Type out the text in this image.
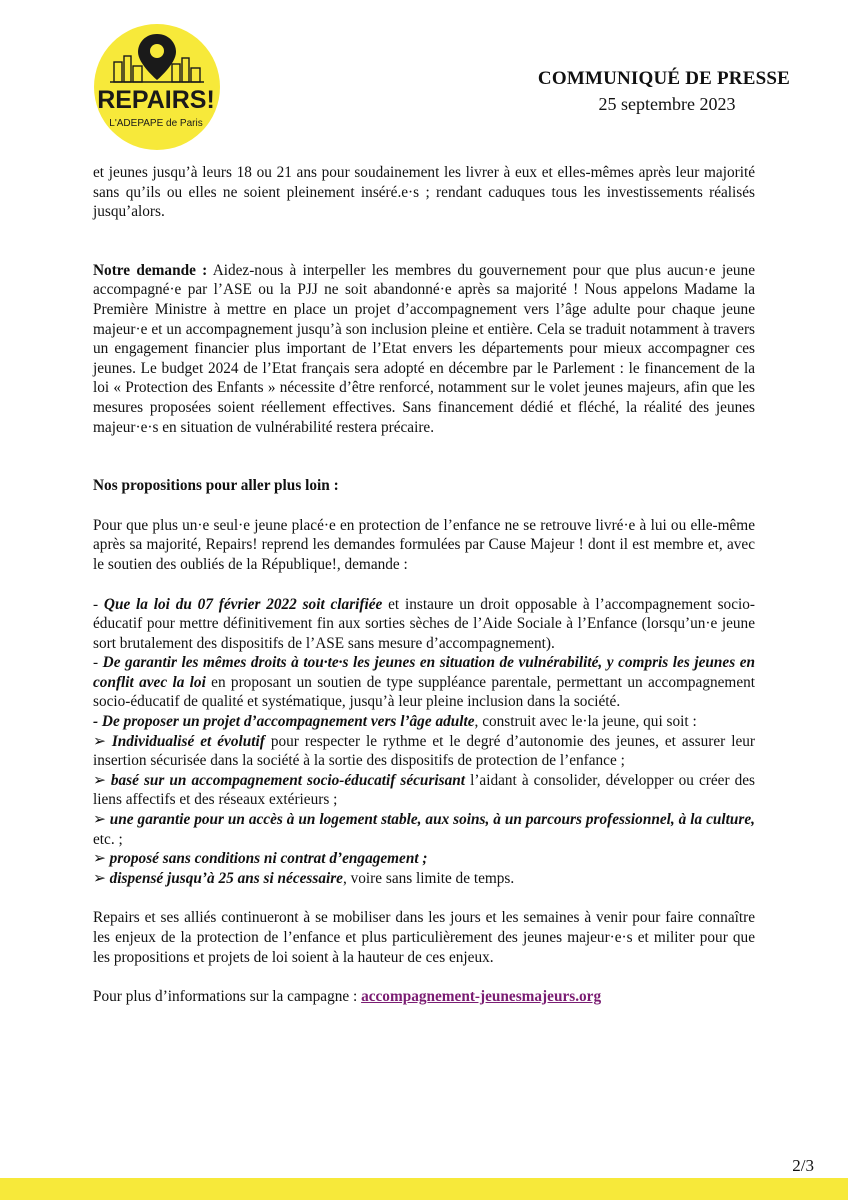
REPAIRS!
L'ADEPAPE de Paris
COMMUNIQUÉ DE PRESSE
25 septembre 2023

et jeunes jusqu’à leurs 18 ou 21 ans pour soudainement les livrer à eux et elles-mêmes après leur majorité sans qu’ils ou elles ne soient pleinement inséré.e·s ; rendant caduques tous les investissements réalisés jusqu’alors.

Notre demande : Aidez-nous à interpeller les membres du gouvernement pour que plus aucun·e jeune accompagné·e par l’ASE ou la PJJ ne soit abandonné·e après sa majorité ! Nous appelons Madame la Première Ministre à mettre en place un projet d’accompagnement vers l’âge adulte pour chaque jeune majeur·e et un accompagnement jusqu’à son inclusion pleine et entière. Cela se traduit notamment à travers un engagement financier plus important de l’Etat envers les départements pour mieux accompagner ces jeunes. Le budget 2024 de l’Etat français sera adopté en décembre par le Parlement : le financement de la loi « Protection des Enfants » nécessite d’être renforcé, notamment sur le volet jeunes majeurs, afin que les mesures proposées soient réellement effectives. Sans financement dédié et fléché, la réalité des jeunes majeur·e·s en situation de vulnérabilité restera précaire.

Nos propositions pour aller plus loin :

Pour que plus un·e seul·e jeune placé·e en protection de l’enfance ne se retrouve livré·e à lui ou elle-même après sa majorité, Repairs! reprend les demandes formulées par Cause Majeur ! dont il est membre et, avec le soutien des oubliés de la République!, demande :

- Que la loi du 07 février 2022 soit clarifiée et instaure un droit opposable à l’accompagnement socio-éducatif pour mettre définitivement fin aux sorties sèches de l’Aide Sociale à l’Enfance (lorsqu’un·e jeune sort brutalement des dispositifs de l’ASE sans mesure d’accompagnement).

- De garantir les mêmes droits à tou·te·s les jeunes en situation de vulnérabilité, y compris les jeunes en conflit avec la loi en proposant un soutien de type suppléance parentale, permettant un accompagnement socio-éducatif de qualité et systématique, jusqu’à leur pleine inclusion dans la société.

- De proposer un projet d’accompagnement vers l’âge adulte, construit avec le·la jeune, qui soit :

➢ Individualisé et évolutif pour respecter le rythme et le degré d’autonomie des jeunes, et assurer leur insertion sécurisée dans la société à la sortie des dispositifs de protection de l’enfance ;

➢ basé sur un accompagnement socio-éducatif sécurisant l’aidant à consolider, développer ou créer des liens affectifs et des réseaux extérieurs ;

➢ une garantie pour un accès à un logement stable, aux soins, à un parcours professionnel, à la culture, etc. ;

➢ proposé sans conditions ni contrat d’engagement ;

➢ dispensé jusqu’à 25 ans si nécessaire, voire sans limite de temps.

Repairs et ses alliés continueront à se mobiliser dans les jours et les semaines à venir pour faire connaître les enjeux de la protection de l’enfance et plus particulièrement des jeunes majeur·e·s et militer pour que les propositions et projets de loi soient à la hauteur de ces enjeux.

Pour plus d’informations sur la campagne : accompagnement-jeunesmajeurs.org

2/3
